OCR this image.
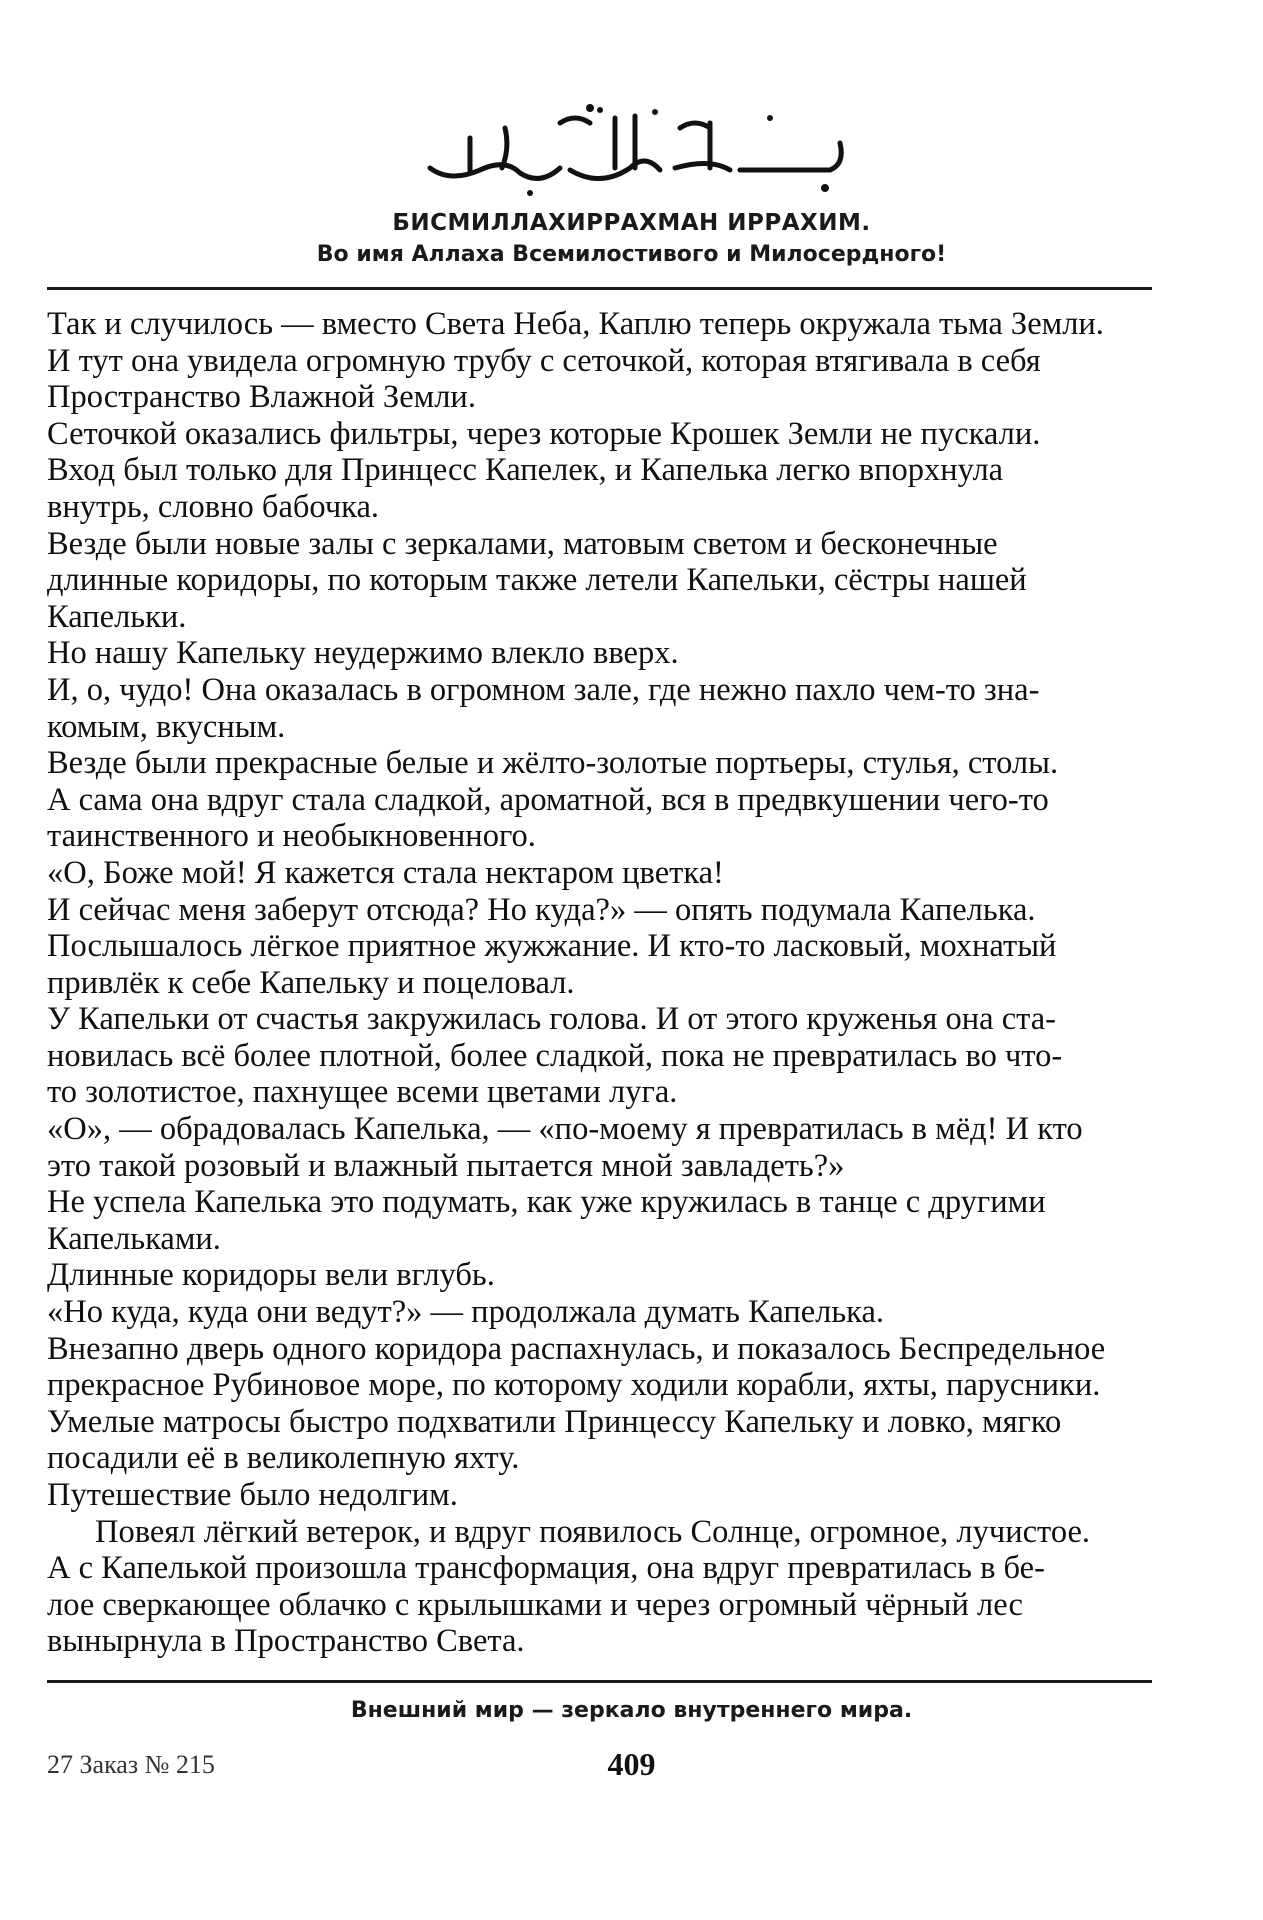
بِسْمِ اللهِ الرَّحْمٰنِ الرَّحِيمِ
БИСМИЛЛАХИРРАХМАН ИРРАХИМ.
Во имя Аллаха Всемилостивого и Милосердного!
Так и случилось — вместо Света Неба, Каплю теперь окружала тьма Земли.
И тут она увидела огромную трубу с сеточкой, которая втягивала в себя
Пространство Влажной Земли.
Сеточкой оказались фильтры, через которые Крошек Земли не пускали.
Вход был только для Принцесс Капелек, и Капелька легко впорхнула
внутрь, словно бабочка.
Везде были новые залы с зеркалами, матовым светом и бесконечные
длинные коридоры, по которым также летели Капельки, сёстры нашей
Капельки.
Но нашу Капельку неудержимо влекло вверх.
И, о, чудо! Она оказалась в огромном зале, где нежно пахло чем-то зна-
комым, вкусным.
Везде были прекрасные белые и жёлто-золотые портьеры, стулья, столы.
А сама она вдруг стала сладкой, ароматной, вся в предвкушении чего-то
таинственного и необыкновенного.
«О, Боже мой! Я кажется стала нектаром цветка!
И сейчас меня заберут отсюда? Но куда?» — опять подумала Капелька.
Послышалось лёгкое приятное жужжание. И кто-то ласковый, мохнатый
привлёк к себе Капельку и поцеловал.
У Капельки от счастья закружилась голова. И от этого круженья она ста-
новилась всё более плотной, более сладкой, пока не превратилась во что-
то золотистое, пахнущее всеми цветами луга.
«О», — обрадовалась Капелька, — «по-моему я превратилась в мёд! И кто
это такой розовый и влажный пытается мной завладеть?»
Не успела Капелька это подумать, как уже кружилась в танце с другими
Капельками.
Длинные коридоры вели вглубь.
«Но куда, куда они ведут?» — продолжала думать Капелька.
Внезапно дверь одного коридора распахнулась, и показалось Беспредельное
прекрасное Рубиновое море, по которому ходили корабли, яхты, парусники.
Умелые матросы быстро подхватили Принцессу Капельку и ловко, мягко
посадили её в великолепную яхту.
Путешествие было недолгим.
Повеял лёгкий ветерок, и вдруг появилось Солнце, огромное, лучистое.
А с Капелькой произошла трансформация, она вдруг превратилась в бе-
лое сверкающее облачко с крылышками и через огромный чёрный лес
вынырнула в Пространство Света.
Внешний мир — зеркало внутреннего мира.
27 Заказ № 215	409
